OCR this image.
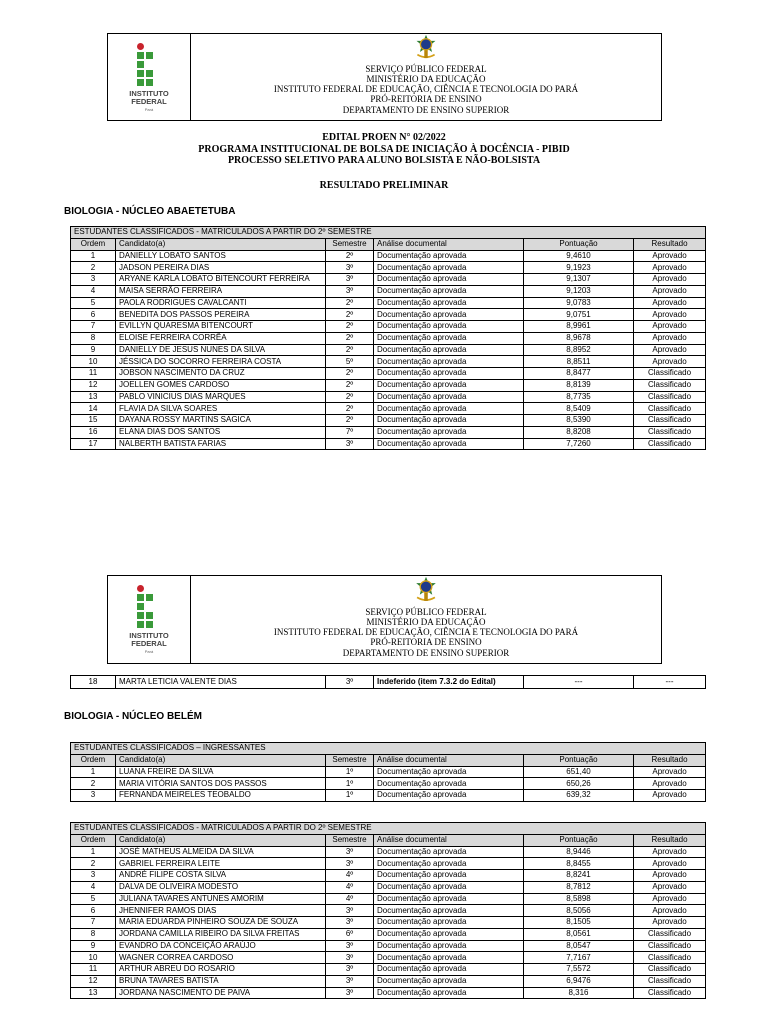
INSTITUTO
FEDERAL
Pará
SERVIÇO PÚBLICO FEDERAL
MINISTÉRIO DA EDUCAÇÃO
INSTITUTO FEDERAL DE EDUCAÇÃO, CIÊNCIA E TECNOLOGIA DO PARÁ
PRÓ-REITORIA DE ENSINO
DEPARTAMENTO DE ENSINO SUPERIOR
EDITAL PROEN N° 02/2022
PROGRAMA INSTITUCIONAL DE BOLSA DE INICIAÇÃO À DOCÊNCIA - PIBID
PROCESSO SELETIVO PARA ALUNO BOLSISTA E NÃO-BOLSISTA
RESULTADO PRELIMINAR
BIOLOGIA - NÚCLEO ABAETETUBA
ESTUDANTES CLASSIFICADOS - MATRICULADOS A PARTIR DO 2º SEMESTRE					
Ordem	Candidato(a)	Semestre	Análise documental	Pontuação	Resultado
1	DANIELLY LOBATO SANTOS	2º	Documentação aprovada	9,4610	Aprovado
2	JADSON PEREIRA DIAS	3º	Documentação aprovada	9,1923	Aprovado
3	ARYANE KARLA LOBATO BITENCOURT FERREIRA	3º	Documentação aprovada	9,1307	Aprovado
4	MAISA SERRÃO FERREIRA	3º	Documentação aprovada	9,1203	Aprovado
5	PAOLA RODRIGUES CAVALCANTI	2º	Documentação aprovada	9,0783	Aprovado
6	BENEDITA DOS PASSOS PEREIRA	2º	Documentação aprovada	9,0751	Aprovado
7	EVILLYN QUARESMA BITENCOURT	2º	Documentação aprovada	8,9961	Aprovado
8	ELOISE FERREIRA CORRÊA	2º	Documentação aprovada	8,9678	Aprovado
9	DANIELLY DE JESUS NUNES DA SILVA	2º	Documentação aprovada	8,8952	Aprovado
10	JÉSSICA DO SOCORRO FERREIRA COSTA	5º	Documentação aprovada	8,8511	Aprovado
11	JOBSON NASCIMENTO DA CRUZ	2º	Documentação aprovada	8,8477	Classificado
12	JOELLEN GOMES CARDOSO	2º	Documentação aprovada	8,8139	Classificado
13	PABLO VINICIUS DIAS MARQUES	2º	Documentação aprovada	8,7735	Classificado
14	FLAVIA DA SILVA SOARES	2º	Documentação aprovada	8,5409	Classificado
15	DAYANA ROSSY MARTINS SAGICA	2º	Documentação aprovada	8,5390	Classificado
16	ELANA DIAS DOS SANTOS	7º	Documentação aprovada	8,8208	Classificado
17	NALBERTH BATISTA FARIAS	3º	Documentação aprovada	7,7260	Classificado
INSTITUTO
FEDERAL
Pará
SERVIÇO PÚBLICO FEDERAL
MINISTÉRIO DA EDUCAÇÃO
INSTITUTO FEDERAL DE EDUCAÇÃO, CIÊNCIA E TECNOLOGIA DO PARÁ
PRÓ-REITORIA DE ENSINO
DEPARTAMENTO DE ENSINO SUPERIOR
18	MARTA LETICIA VALENTE DIAS	3º	Indeferido (item 7.3.2 do Edital)	---	---
BIOLOGIA - NÚCLEO BELÉM
ESTUDANTES CLASSIFICADOS – INGRESSANTES					
Ordem	Candidato(a)	Semestre	Análise documental	Pontuação	Resultado
1	LUANA FREIRE DA SILVA	1º	Documentação aprovada	651,40	Aprovado
2	MARIA VITÓRIA SANTOS DOS PASSOS	1º	Documentação aprovada	650,26	Aprovado
3	FERNANDA MEIRELES TEOBALDO	1º	Documentação aprovada	639,32	Aprovado
ESTUDANTES CLASSIFICADOS - MATRICULADOS A PARTIR DO 2º SEMESTRE					
Ordem	Candidato(a)	Semestre	Análise documental	Pontuação	Resultado
1	JOSÉ MATHEUS ALMEIDA DA SILVA	3º	Documentação aprovada	8,9446	Aprovado
2	GABRIEL FERREIRA LEITE	3º	Documentação aprovada	8,8455	Aprovado
3	ANDRÉ FILIPE COSTA SILVA	4º	Documentação aprovada	8,8241	Aprovado
4	DALVA DE OLIVEIRA MODESTO	4º	Documentação aprovada	8,7812	Aprovado
5	JULIANA TAVARES ANTUNES AMORIM	4º	Documentação aprovada	8,5898	Aprovado
6	JHENNIFER RAMOS DIAS	3º	Documentação aprovada	8,5056	Aprovado
7	MARIA EDUARDA PINHEIRO SOUZA DE SOUZA	3º	Documentação aprovada	8,1505	Aprovado
8	JORDANA CAMILLA RIBEIRO DA SILVA FREITAS	6º	Documentação aprovada	8,0561	Classificado
9	EVANDRO DA CONCEIÇÃO ARAÚJO	3º	Documentação aprovada	8,0547	Classificado
10	WAGNER CORREA CARDOSO	3º	Documentação aprovada	7,7167	Classificado
11	ARTHUR ABREU DO ROSARIO	3º	Documentação aprovada	7,5572	Classificado
12	BRUNA TAVARES BATISTA	3º	Documentação aprovada	6,9476	Classificado
13	JORDANA NASCIMENTO DE PAIVA	3º	Documentação aprovada	8,316	Classificado
